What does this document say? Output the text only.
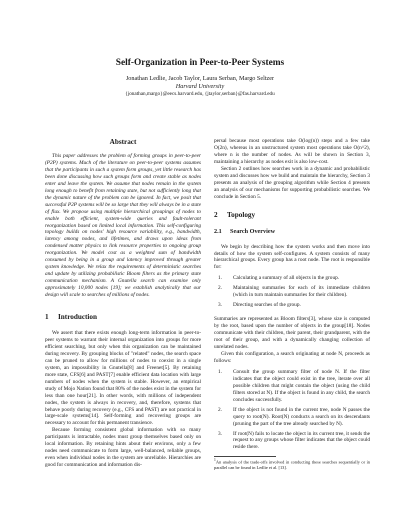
Self-Organization in Peer-to-Peer Systems
Jonathan Ledlie, Jacob Taylor, Laura Serban, Margo Seltzer
Harvard University
{jonathan,margo}@eecs.harvard.edu, {jtaylor,serban}@fas.harvard.edu
Abstract

This paper addresses the problem of forming groups in peer-to-peer (P2P) systems. Much of the literature on peer-to-peer systems assumes that the participants in such a system form groups, yet little research has been done discussing how such groups form and create stable as nodes enter and leave the system. We assume that nodes remain in the system long enough to benefit from retaining state, but not sufficiently long that the dynamic nature of the problem can be ignored. In fact, we posit that successful P2P systems will be so large that they will always be in a state of flux. We propose using multiple hierarchical groupings of nodes to enable both efficient, system-wide queries and fault-tolerant reorganization based on limited local information. This self-configuring topology builds on nodes' high resource variability, e.g., bandwidth, latency among nodes, and lifetimes, and draws upon ideas from condensed matter physics to link resource properties to ongoing group reorganization. We model cost as a weighted sum of bandwidth consumed by being in a group and latency improved through greater system knowledge. We relax the requirements of deterministic searches and update by utilizing probabilistic Bloom filters as the primary state communication mechanism. A Gnutella search can examine only approximately 10,000 nodes [19]; we establish analytically that our design will scale to searches of millions of nodes.

1 Introduction

We assert that there exists enough long-term information in peer-to-peer systems to warrant their internal organization into groups for more efficient searching, but only when this organization can be maintained during recovery. By grouping blocks of "related" nodes, the search space can be pruned to allow for millions of nodes to coexist in a single system, an impossibility in Gnutella[8] and Freenet[5]. By retaining more state, CFS[6] and PAST[7] enable efficient data location with large numbers of nodes when the system is stable. However, an empirical study of Mojo Nation found that 80% of the nodes exist in the system for less than one hour[21]. In other words, with millions of independent nodes, the system is always in recovery, and, therefore, systems that behave poorly during recovery (e.g., CFS and PAST) are not practical in large-scale systems[14]. Self-forming and recovering groups are necessary to account for this permanent transience.

Because forming consistent global information with so many participants is intractable, nodes must group themselves based only on local information. By retaining hints about their environs, only a few nodes need communicate to form large, well-balanced, reliable groups, even when individual nodes in the system are unreliable. Hierarchies are good for communication and information dis-

persal because most operations take O(log(n)) steps and a few take O(2n), whereas in an unstructured system most operations take O(n^2), where n is the number of nodes. As will be shown in Section 3, maintaining a hierarchy as nodes exit is also low-cost.

Section 2 outlines how searches work in a dynamic and probabilistic system and discusses how we build and maintain the hierarchy, Section 3 presents an analysis of the grouping algorithm while Section 4 presents an analysis of our mechanisms for supporting probabilistic searches. We conclude in Section 5.

2 Topology
2.1 Search Overview

We begin by describing how the system works and then move into details of how the system self-configures. A system consists of many hierarchical groups. Every group has a root node. The root is responsible for:

1. Calculating a summary of all objects in the group.
2. Maintaining summaries for each of its immediate children (which in turn maintain summaries for their children).
3. Directing searches of the group.

Summaries are represented as Bloom filters[3], whose size is computed by the root, based upon the number of objects in the group[18]. Nodes communicate with their children, their parent, their grandparent, with the root of their group, and with a dynamically changing collection of unrelated nodes.

Given this configuration, a search originating at node N, proceeds as follows:

1. Consult the group summary filter of node N. If the filter indicates that the object could exist in the tree, iterate over all possible children that might contain the object (using the child filters stored at N). If the object is found in any child, the search concludes successfully.
2. If the object is not found in the current tree, node N passes the query to root(N). Root(N) conducts a search on its descendants (pruning the part of the tree already searched by N).
3. If root(N) fails to locate the object in its current tree, it sends the request to any groups whose filter indicates that the object could reside there.
$^1$An analysis of the trade-offs involved in conducting these searches sequentially or in parallel can be found in Ledlie et al. [13].
